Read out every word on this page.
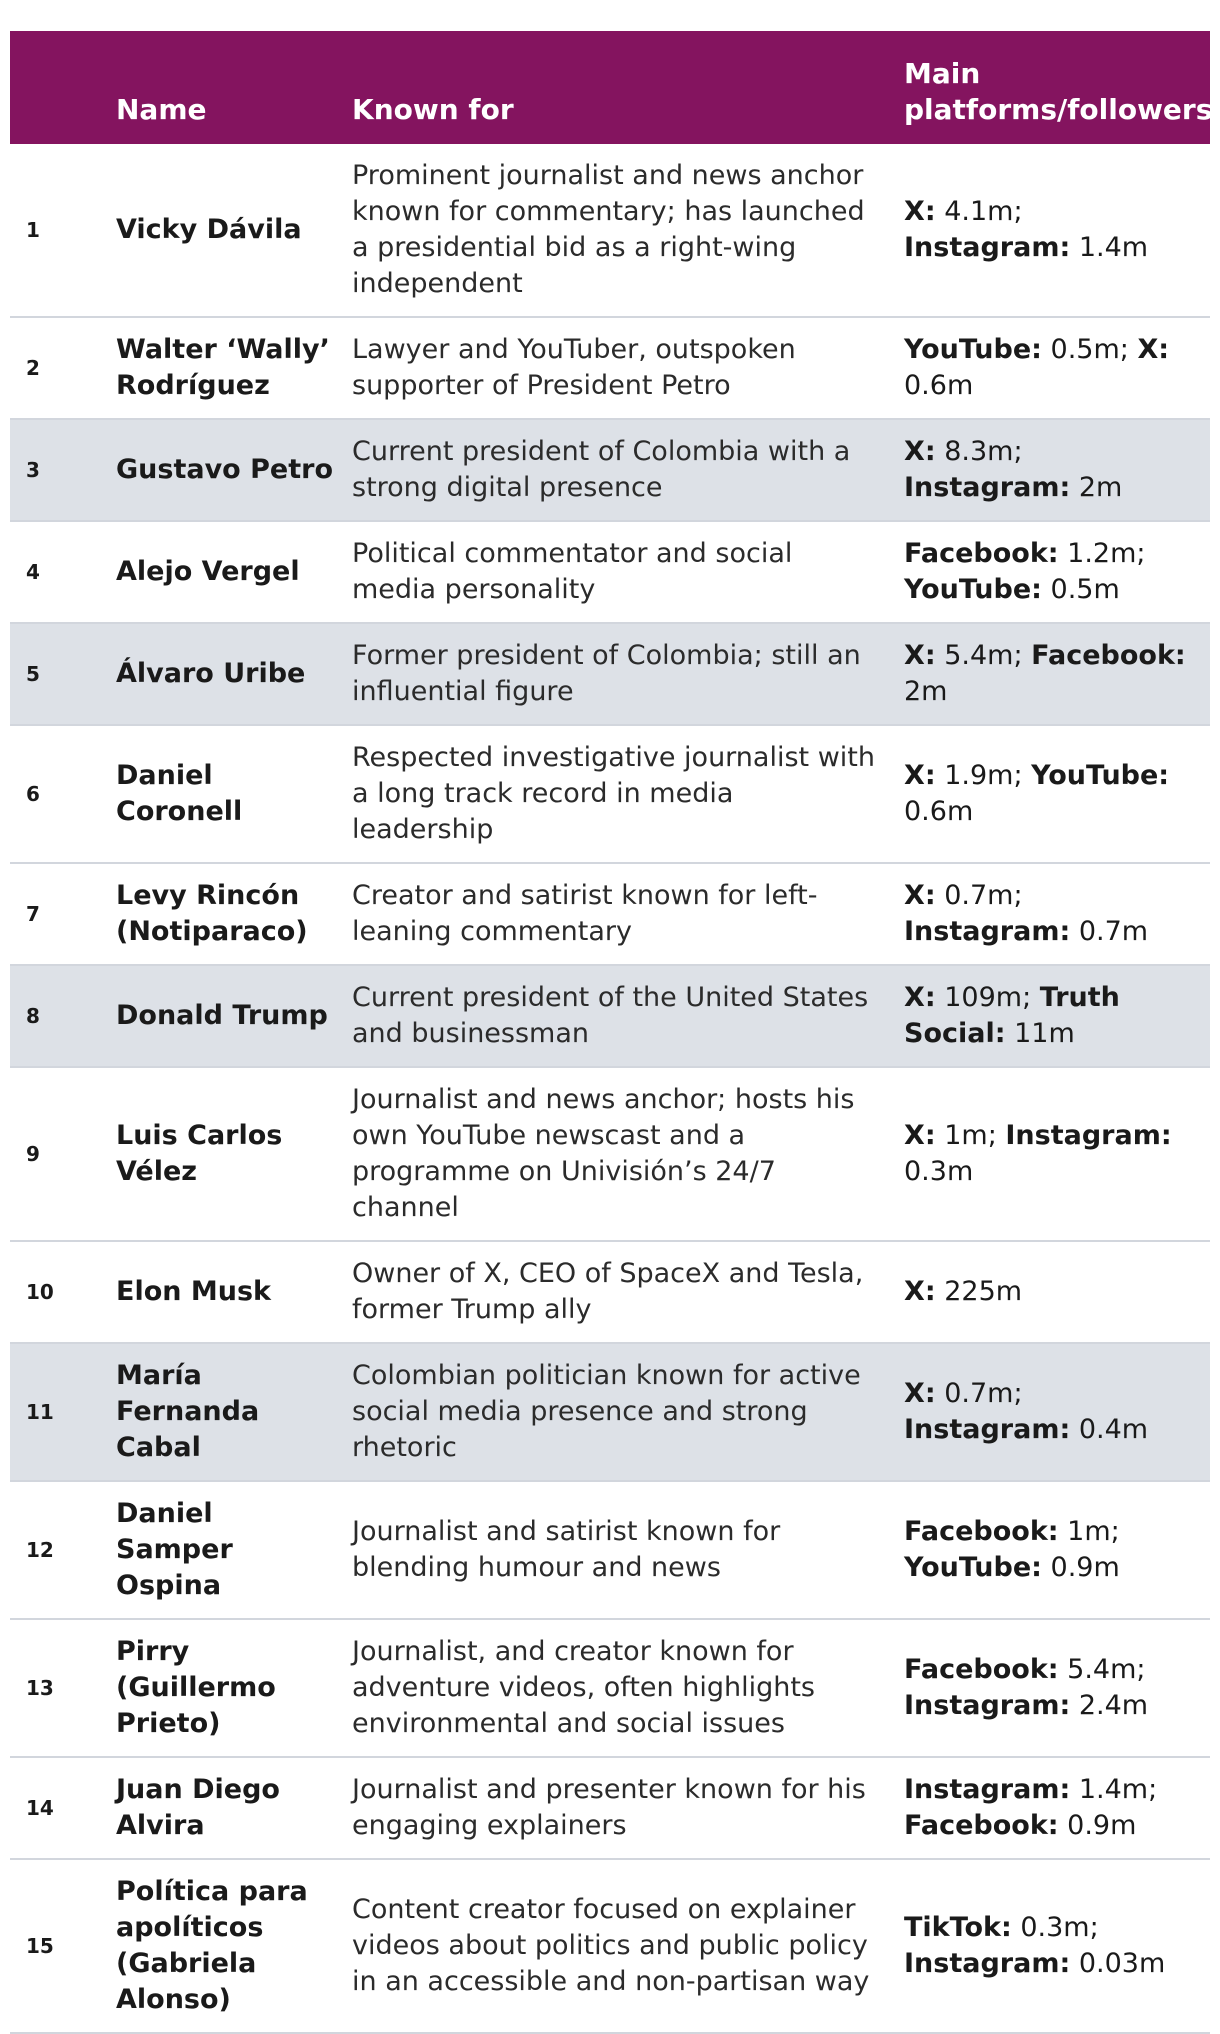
	Name	Known for	Main platforms/followers
1	Vicky Dávila	Prominent journalist and news anchor known for commentary; has launched a presidential bid as a right-wing independent	X: 4.1m; Instagram: 1.4m
2	Walter ‘Wally’ Rodríguez	Lawyer and YouTuber, outspoken supporter of President Petro	YouTube: 0.5m; X: 0.6m
3	Gustavo Petro	Current president of Colombia with a strong digital presence	X: 8.3m; Instagram: 2m
4	Alejo Vergel	Political commentator and social media personality	Facebook: 1.2m; YouTube: 0.5m
5	Álvaro Uribe	Former president of Colombia; still an influential figure	X: 5.4m; Facebook: 2m
6	Daniel Coronell	Respected investigative journalist with a long track record in media leadership	X: 1.9m; YouTube: 0.6m
7	Levy Rincón (Notiparaco)	Creator and satirist known for left-leaning commentary	X: 0.7m; Instagram: 0.7m
8	Donald Trump	Current president of the United States and businessman	X: 109m; Truth Social: 11m
9	Luis Carlos Vélez	Journalist and news anchor; hosts his own YouTube newscast and a programme on Univisión’s 24/7 channel	X: 1m; Instagram: 0.3m
10	Elon Musk	Owner of X, CEO of SpaceX and Tesla, former Trump ally	X: 225m
11	María Fernanda Cabal	Colombian politician known for active social media presence and strong rhetoric	X: 0.7m; Instagram: 0.4m
12	Daniel Samper Ospina	Journalist and satirist known for blending humour and news	Facebook: 1m; YouTube: 0.9m
13	Pirry (Guillermo Prieto)	Journalist, and creator known for adventure videos, often highlights environmental and social issues	Facebook: 5.4m; Instagram: 2.4m
14	Juan Diego Alvira	Journalist and presenter known for his engaging explainers	Instagram: 1.4m; Facebook: 0.9m
15	Política para apolíticos (Gabriela Alonso)	Content creator focused on explainer videos about politics and public policy in an accessible and non-partisan way	TikTok: 0.3m; Instagram: 0.03m
